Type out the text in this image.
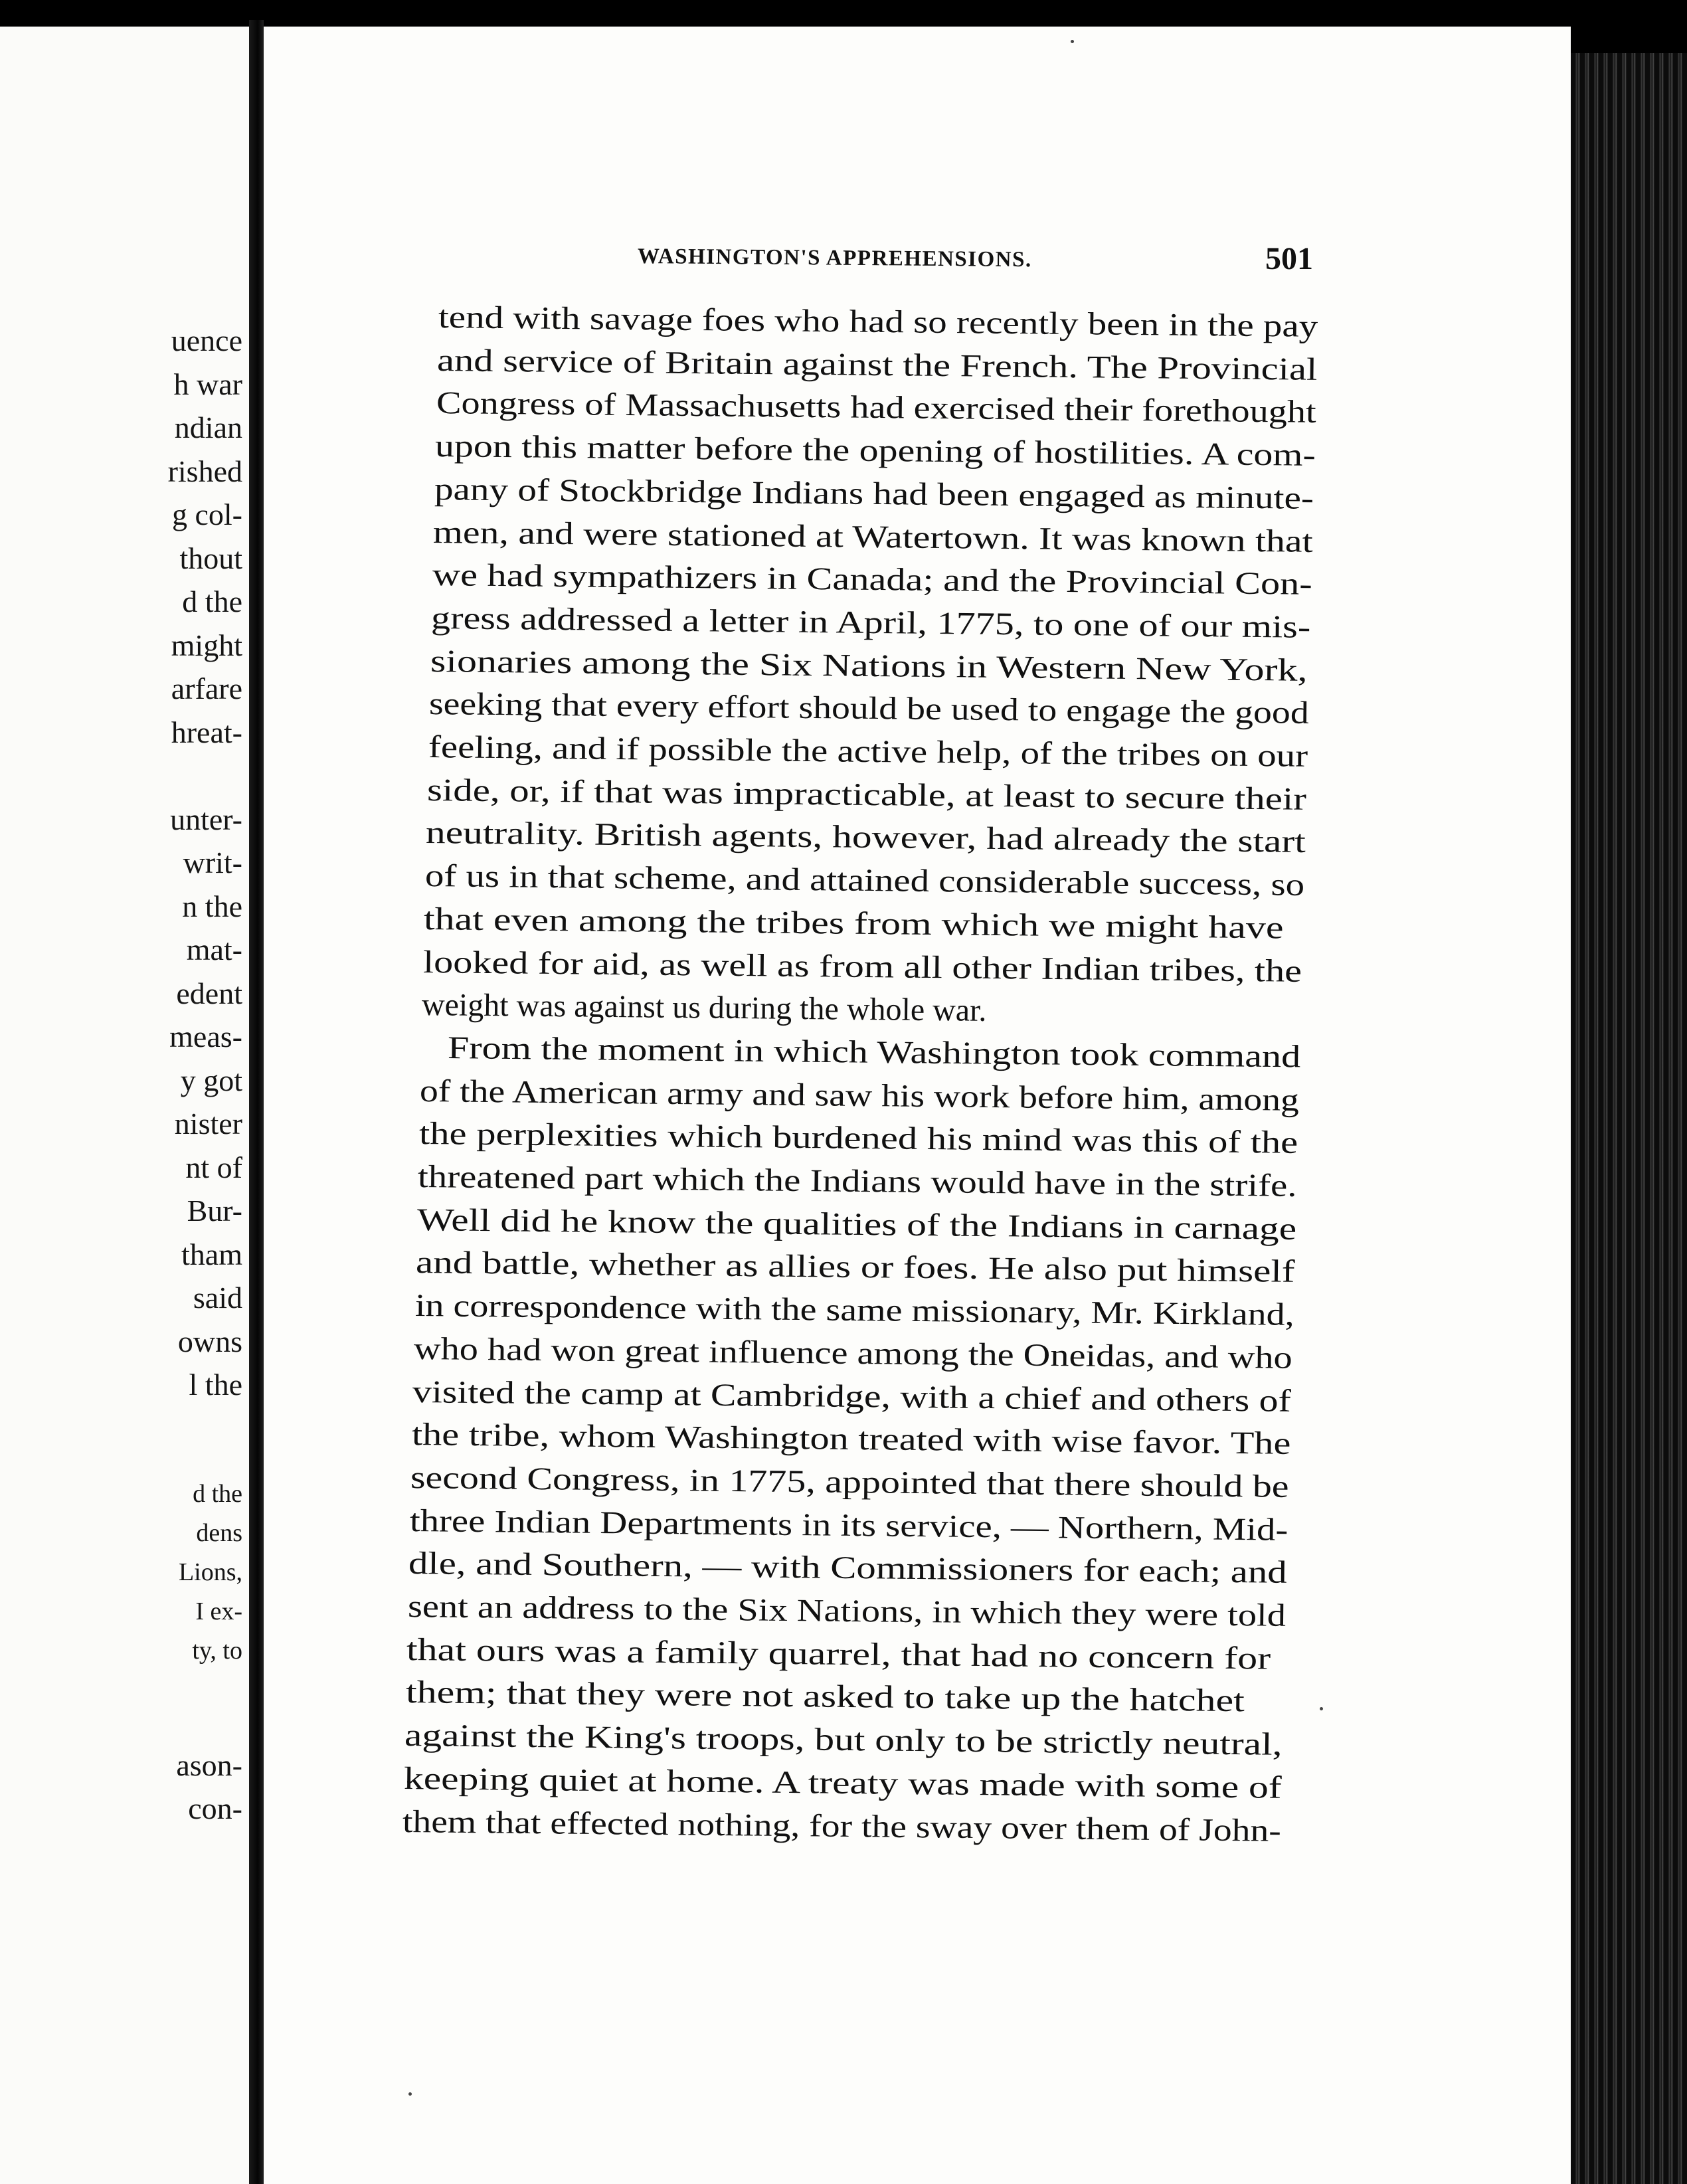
uence
h war
ndian
rished
g col-
thout
d the
might
arfare
hreat-
unter-
writ-
n the
mat-
edent
meas-
y got
nister
nt of
Bur-
tham
said
owns
l the
d the
dens
Lions,
I ex-
ty, to
ason-
con-
WASHINGTON'S APPREHENSIONS.	501
tend with savage foes who had so recently been in the pay
and service of Britain against the French. The Provincial
Congress of Massachusetts had exercised their forethought
upon this matter before the opening of hostilities. A com-
pany of Stockbridge Indians had been engaged as minute-
men, and were stationed at Watertown. It was known that
we had sympathizers in Canada; and the Provincial Con-
gress addressed a letter in April, 1775, to one of our mis-
sionaries among the Six Nations in Western New York,
seeking that every effort should be used to engage the good
feeling, and if possible the active help, of the tribes on our
side, or, if that was impracticable, at least to secure their
neutrality. British agents, however, had already the start
of us in that scheme, and attained considerable success, so
that even among the tribes from which we might have
looked for aid, as well as from all other Indian tribes, the
weight was against us during the whole war.
From the moment in which Washington took command
of the American army and saw his work before him, among
the perplexities which burdened his mind was this of the
threatened part which the Indians would have in the strife.
Well did he know the qualities of the Indians in carnage
and battle, whether as allies or foes. He also put himself
in correspondence with the same missionary, Mr. Kirkland,
who had won great influence among the Oneidas, and who
visited the camp at Cambridge, with a chief and others of
the tribe, whom Washington treated with wise favor. The
second Congress, in 1775, appointed that there should be
three Indian Departments in its service, — Northern, Mid-
dle, and Southern, — with Commissioners for each; and
sent an address to the Six Nations, in which they were told
that ours was a family quarrel, that had no concern for
them; that they were not asked to take up the hatchet
against the King's troops, but only to be strictly neutral,
keeping quiet at home. A treaty was made with some of
them that effected nothing, for the sway over them of John-
